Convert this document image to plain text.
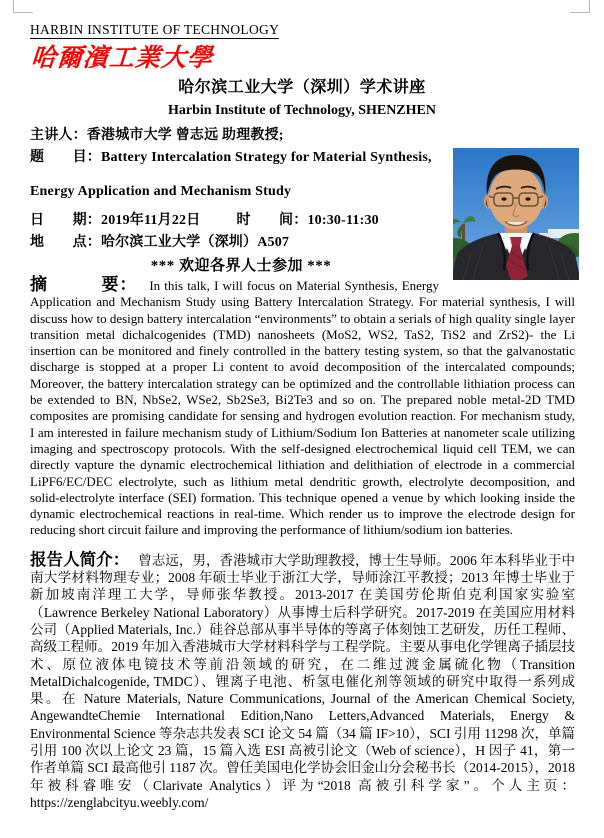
HARBIN INSTITUTE OF TECHNOLOGY
哈爾濱工業大學
哈尔滨工业大学（深圳）学术讲座
Harbin Institute of Technology, SHENZHEN
主讲人：香港城市大学 曾志远 助理教授;
题　　目：Battery Intercalation Strategy for Material Synthesis,
Energy Application and Mechanism Study
日　　期：2019年11月22日	时　　间：10:30-11:30
地　　点：哈尔滨工业大学（深圳）A507
*** 欢迎各界人士参加 ***

摘　　　要： In this talk, I will focus on Material Synthesis, Energy Application and Mechanism Study using Battery Intercalation Strategy. For material synthesis, I will discuss how to design battery intercalation “environments” to obtain a serials of high quality single layer transition metal dichalcogenides (TMD) nanosheets (MoS2, WS2, TaS2, TiS2 and ZrS2)- the Li insertion can be monitored and finely controlled in the battery testing system, so that the galvanostatic discharge is stopped at a proper Li content to avoid decomposition of the intercalated compounds; Moreover, the battery intercalation strategy can be optimized and the controllable lithiation process can be extended to BN, NbSe2, WSe2, Sb2Se3, Bi2Te3 and so on. The prepared noble metal-2D TMD composites are promising candidate for sensing and hydrogen evolution reaction. For mechanism study, I am interested in failure mechanism study of Lithium/Sodium Ion Batteries at nanometer scale utilizing imaging and spectroscopy protocols. With the self-designed electrochemical liquid cell TEM, we can directly vapture the dynamic electrochemical lithiation and delithiation of electrode in a commercial LiPF6/EC/DEC electrolyte, such as lithium metal dendritic growth, electrolyte decomposition, and solid-electrolyte interface (SEI) formation. This technique opened a venue by which looking inside the dynamic electrochemical reactions in real-time. Which render us to improve the electrode design for reducing short circuit failure and improving the performance of lithium/sodium ion batteries.

报告人简介： 曾志远，男，香港城市大学助理教授，博士生导师。2006 年本科毕业于中南大学材料物理专业；2008 年硕士毕业于浙江大学，导师涂江平教授；2013 年博士毕业于新加坡南洋理工大学，导师张华教授。2013-2017 在美国劳伦斯伯克利国家实验室（Lawrence Berkeley National Laboratory）从事博士后科学研究。2017-2019 在美国应用材料公司（Applied Materials, Inc.）硅谷总部从事半导体的等离子体刻蚀工艺研发，历任工程师、高级工程师。2019 年加入香港城市大学材料科学与工程学院。主要从事电化学锂离子插层技术、原位液体电镜技术等前沿领域的研究，在二维过渡金属硫化物（Transition MetalDichalcogenide, TMDC）、锂离子电池、析氢电催化剂等领域的研究中取得一系列成果。在 Nature Materials, Nature Communications, Journal of the American Chemical Society, AngewandteChemie International Edition,Nano Letters,Advanced Materials, Energy & Environmental Science 等杂志共发表 SCI 论文 54 篇（34 篇 IF>10），SCI 引用 11298 次，单篇引用 100 次以上论文 23 篇，15 篇入选 ESI 高被引论文（Web of science），H 因子 41，第一作者单篇 SCI 最高他引 1187 次。曾任美国电化学协会旧金山分会秘书长（2014-2015），2018 年被科睿唯安（Clarivate Analytics）评为“2018 高被引科学家”。个人主页：https://zenglabcityu.weebly.com/
